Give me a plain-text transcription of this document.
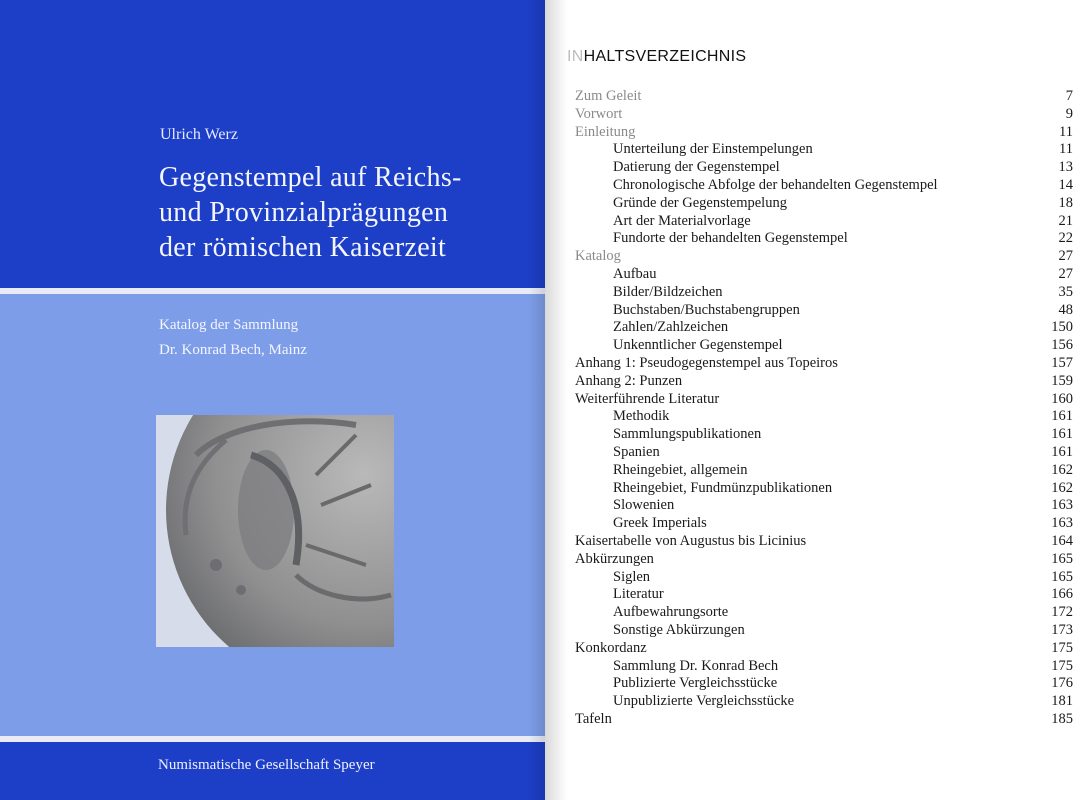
Ulrich Werz
Gegenstempel auf Reichs-
und Provinzialprägungen
der römischen Kaiserzeit
Katalog der Sammlung
Dr. Konrad Bech, Mainz
Numismatische Gesellschaft Speyer
INHALTSVERZEICHNIS
Zum Geleit	7
Vorwort	9
Einleitung	11
Unterteilung der Einstempelungen	11
Datierung der Gegenstempel	13
Chronologische Abfolge der behandelten Gegenstempel	14
Gründe der Gegenstempelung	18
Art der Materialvorlage	21
Fundorte der behandelten Gegenstempel	22
Katalog	27
Aufbau	27
Bilder/Bildzeichen	35
Buchstaben/Buchstabengruppen	48
Zahlen/Zahlzeichen	150
Unkenntlicher Gegenstempel	156
Anhang 1: Pseudogegenstempel aus Topeiros	157
Anhang 2: Punzen	159
Weiterführende Literatur	160
Methodik	161
Sammlungspublikationen	161
Spanien	161
Rheingebiet, allgemein	162
Rheingebiet, Fundmünzpublikationen	162
Slowenien	163
Greek Imperials	163
Kaisertabelle von Augustus bis Licinius	164
Abkürzungen	165
Siglen	165
Literatur	166
Aufbewahrungsorte	172
Sonstige Abkürzungen	173
Konkordanz	175
Sammlung Dr. Konrad Bech	175
Publizierte Vergleichsstücke	176
Unpublizierte Vergleichsstücke	181
Tafeln	185
